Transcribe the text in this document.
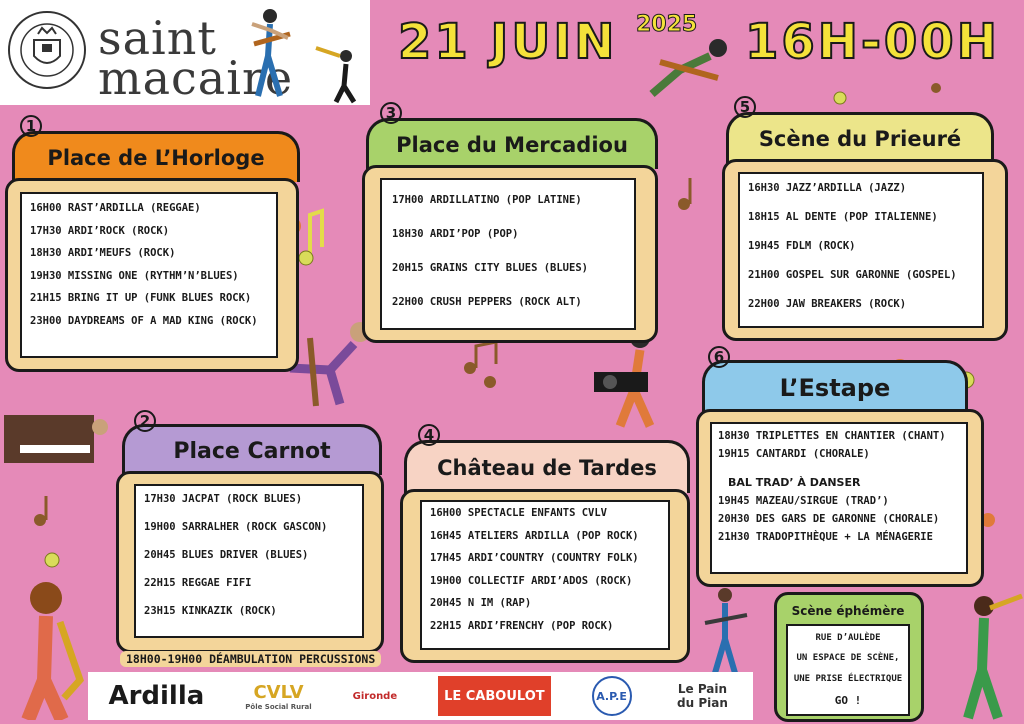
saint
macaire
21 JUIN 2025 16H-00H
Place de L’Horloge
1
16H00 RAST’ARDILLA (REGGAE)
17H30 ARDI’ROCK (ROCK)
18H30 ARDI’MEUFS (ROCK)
19H30 MISSING ONE (RYTHM’N’BLUES)
21H15 BRING IT UP (FUNK BLUES ROCK)
23H00 DAYDREAMS OF A MAD KING (ROCK)
Place du Mercadiou
3
17H00 ARDILLATINO (POP LATINE)
18H30 ARDI’POP (POP)
20H15 GRAINS CITY BLUES (BLUES)
22H00 CRUSH PEPPERS (ROCK ALT)
Scène du Prieuré
5
16H30 JAZZ’ARDILLA (JAZZ)
18H15 AL DENTE (POP ITALIENNE)
19H45 FDLM (ROCK)
21H00 GOSPEL SUR GARONNE (GOSPEL)
22H00 JAW BREAKERS (ROCK)
Place Carnot
2
17H30 JACPAT (ROCK BLUES)
19H00 SARRALHER (ROCK GASCON)
20H45 BLUES DRIVER (BLUES)
22H15 REGGAE FIFI
23H15 KINKAZIK (ROCK)
Château de Tardes
4
16H00 SPECTACLE ENFANTS CVLV
16H45 ATELIERS ARDILLA (POP ROCK)
17H45 ARDI’COUNTRY (COUNTRY FOLK)
19H00 COLLECTIF ARDI’ADOS (ROCK)
20H45 N IM (RAP)
22H15 ARDI’FRENCHY (POP ROCK)
L’Estape
6
18H30 TRIPLETTES EN CHANTIER (CHANT)
19H15 CANTARDI (CHORALE)
BAL TRAD’ À DANSER
19H45 MAZEAU/SIRGUE (TRAD’)
20H30 DES GARS DE GARONNE (CHORALE)
21H30 TRADOPITHÈQUE + LA MÉNAGERIE
Scène éphémère
RUE D’AULÈDE
UN ESPACE DE SCÈNE,
UNE PRISE ÉLECTRIQUE
GO !
18H00-19H00 DÉAMBULATION PERCUSSIONS
Ardilla	CVLV
Pôle Social Rural
Gironde	LE CABOULOT	A.P.E	Le Pain du Pian
